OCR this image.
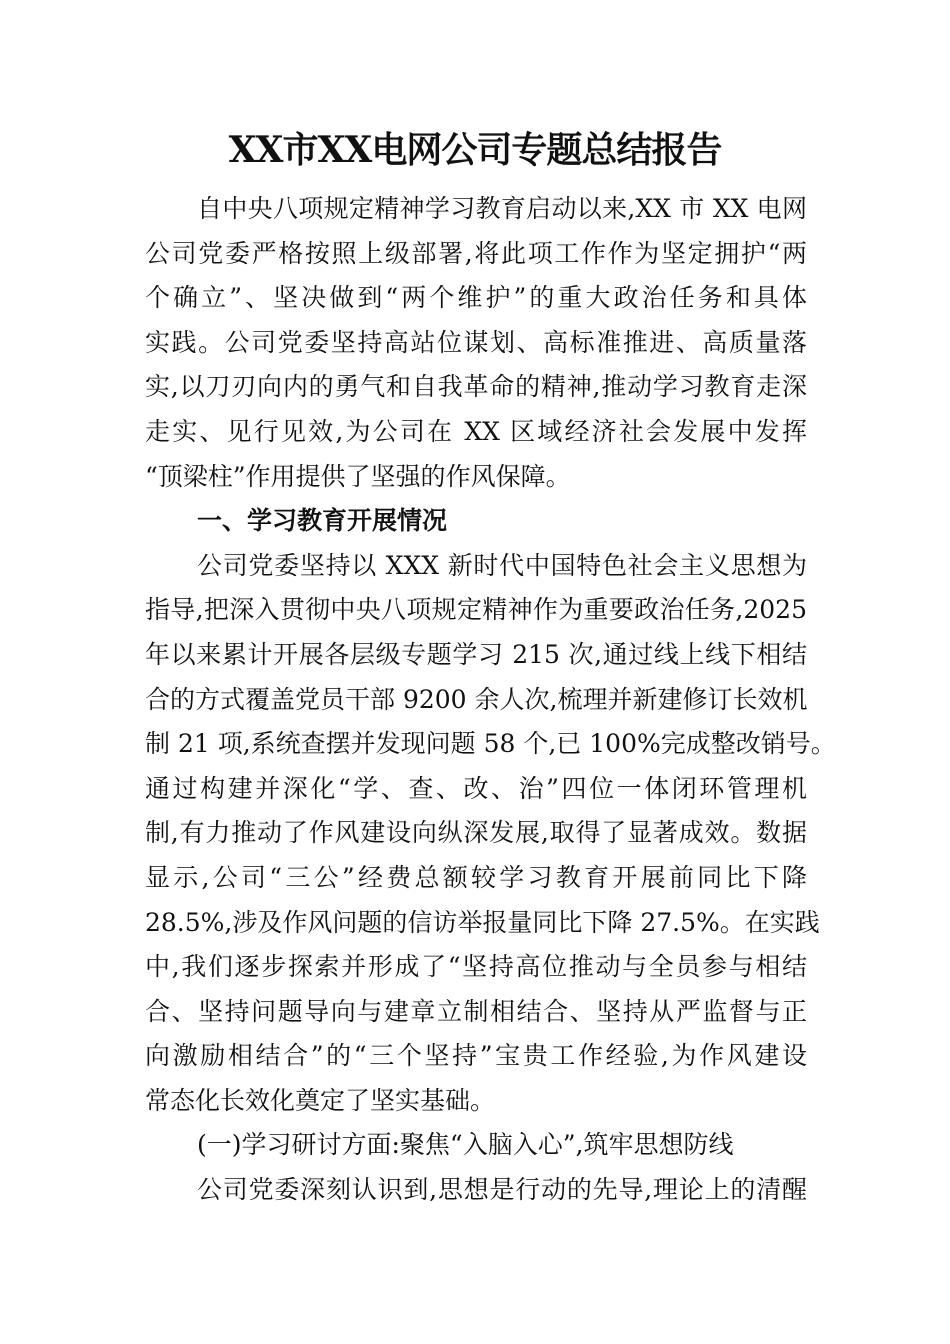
XX市XX电网公司专题总结报告
自中央八项规定精神学习教育启动以来,XX 市 XX 电网
公司党委严格按照上级部署,将此项工作作为坚定拥护“两
个确立”、坚决做到“两个维护”的重大政治任务和具体
实践。公司党委坚持高站位谋划、高标准推进、高质量落
实,以刀刃向内的勇气和自我革命的精神,推动学习教育走深
走实、见行见效,为公司在 XX 区域经济社会发展中发挥
“顶梁柱”作用提供了坚强的作风保障。
一、学习教育开展情况
公司党委坚持以 XXX 新时代中国特色社会主义思想为
指导,把深入贯彻中央八项规定精神作为重要政治任务,2025
年以来累计开展各层级专题学习 215 次,通过线上线下相结
合的方式覆盖党员干部 9200 余人次,梳理并新建修订长效机
制 21 项,系统查摆并发现问题 58 个,已 100%完成整改销号。
通过构建并深化“学、查、改、治”四位一体闭环管理机
制,有力推动了作风建设向纵深发展,取得了显著成效。数据
显示,公司“三公”经费总额较学习教育开展前同比下降
28.5%,涉及作风问题的信访举报量同比下降 27.5%。在实践
中,我们逐步探索并形成了“坚持高位推动与全员参与相结
合、坚持问题导向与建章立制相结合、坚持从严监督与正
向激励相结合”的“三个坚持”宝贵工作经验,为作风建设
常态化长效化奠定了坚实基础。
(一)学习研讨方面:聚焦“入脑入心”,筑牢思想防线
公司党委深刻认识到,思想是行动的先导,理论上的清醒
